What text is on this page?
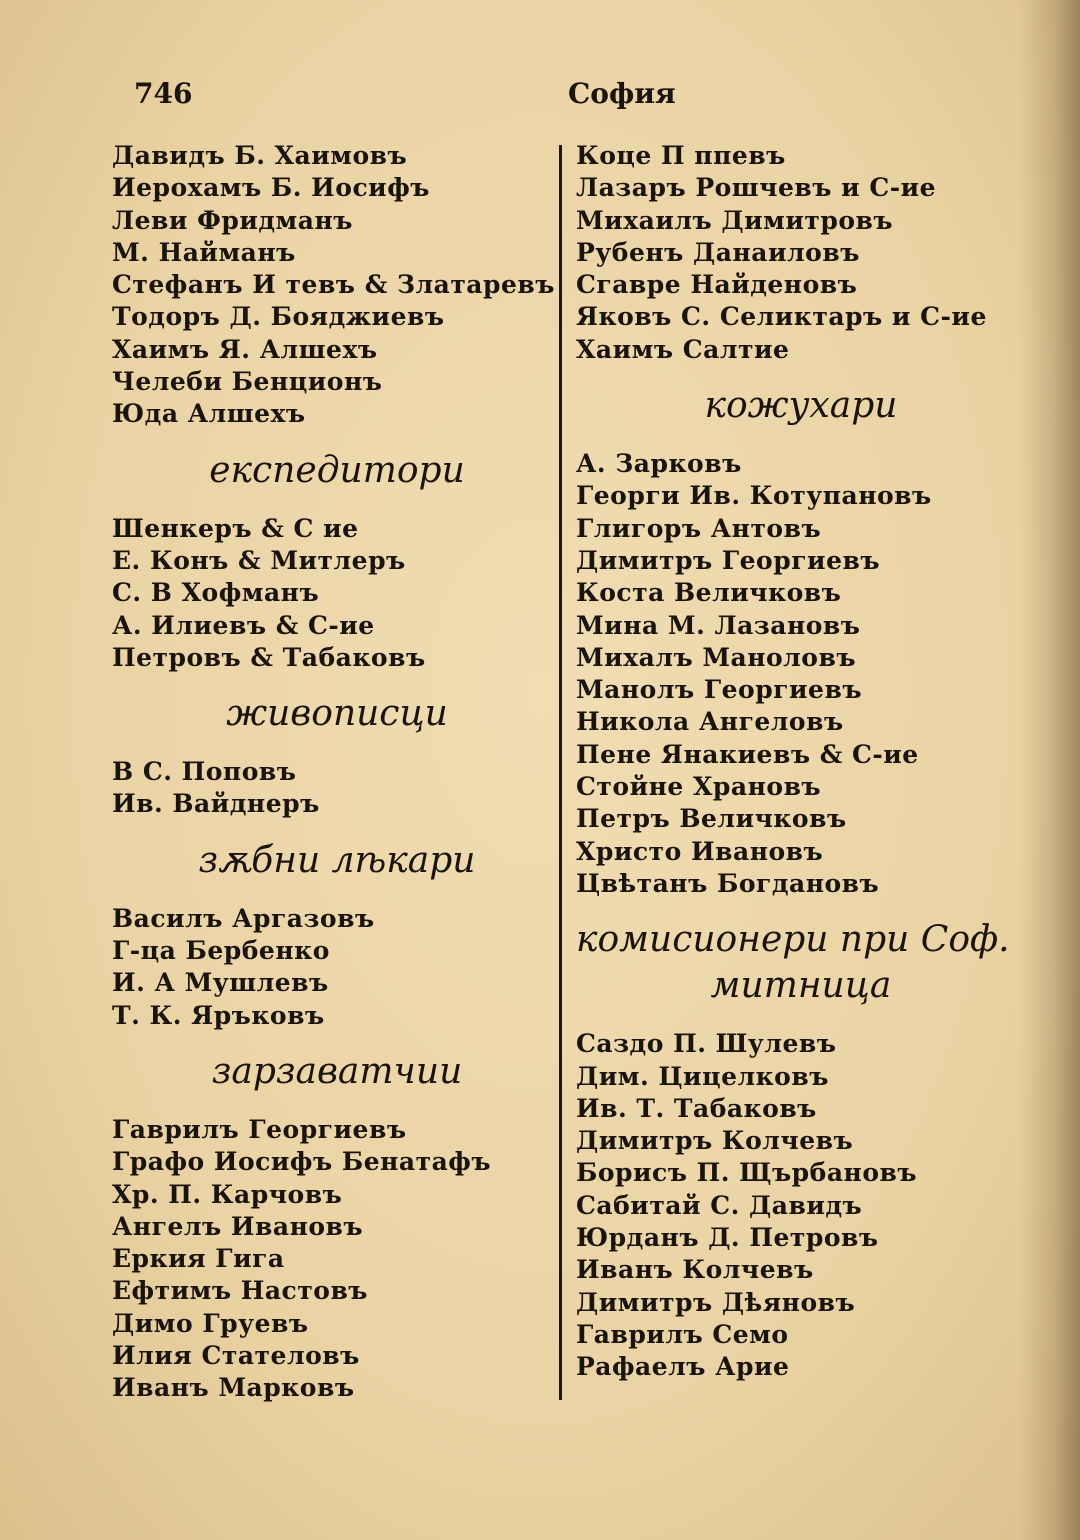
746	София
Давидъ Б. Хаимовъ
Иерохамъ Б. Иосифъ
Леви Фридманъ
М. Найманъ
Стефанъ И тевъ & Златаревъ
Тодоръ Д. Бояджиевъ
Хаимъ Я. Алшехъ
Челеби Бенционъ
Юда Алшехъ
експедитори
Шенкеръ & С ие
Е. Конъ & Митлеръ
С. В Хофманъ
А. Илиевъ & С-ие
Петровъ & Табаковъ
живописци
В С. Поповъ
Ив. Вайднеръ
зѫбни лѣкари
Василъ Аргазовъ
Г-ца Бербенко
И. А Мушлевъ
Т. К. Яръковъ
зарзаватчии
Гаврилъ Георгиевъ
Графо Иосифъ Бенатафъ
Хр. П. Карчовъ
Ангелъ Ивановъ
Еркия Гига
Ефтимъ Настовъ
Димо Груевъ
Илия Стателовъ
Иванъ Марковъ
Коце П ппевъ
Лазаръ Рошчевъ и С-ие
Михаилъ Димитровъ
Рубенъ Данаиловъ
Сгавре Найденовъ
Яковъ С. Селиктаръ и С-ие
Хаимъ Салтие
кожухари
А. Зарковъ
Георги Ив. Котупановъ
Глигоръ Антовъ
Димитръ Георгиевъ
Коста Величковъ
Мина М. Лазановъ
Михалъ Маноловъ
Манолъ Георгиевъ
Никола Ангеловъ
Пене Янакиевъ & С-ие
Стойне Храновъ
Петръ Величковъ
Христо Ивановъ
Цвѣтанъ Богдановъ
комисионери при Соф.
митница
Саздо П. Шулевъ
Дим. Цицелковъ
Ив. Т. Табаковъ
Димитръ Колчевъ
Борисъ П. Щърбановъ
Сабитай С. Давидъ
Юрданъ Д. Петровъ
Иванъ Колчевъ
Димитръ Дѣяновъ
Гаврилъ Семо
Рафаелъ Арие
